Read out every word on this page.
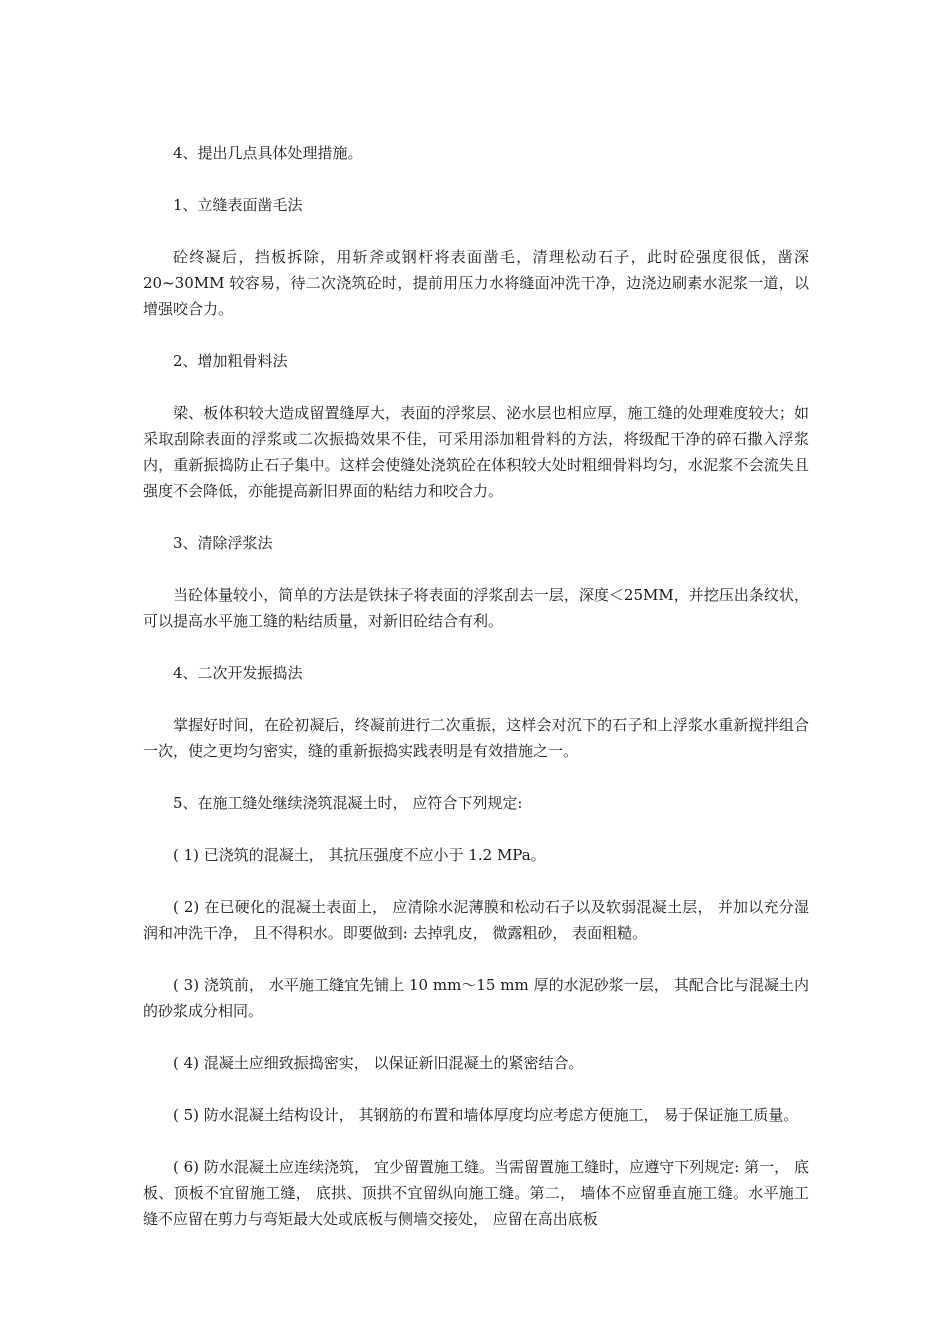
4、提出几点具体处理措施。

1、立缝表面凿毛法

砼终凝后，挡板拆除，用斩斧或钢杆将表面凿毛，清理松动石子，此时砼强度很低，凿深 20~30MM 较容易，待二次浇筑砼时，提前用压力水将缝面冲洗干净，边浇边刷素水泥浆一道，以增强咬合力。

2、增加粗骨料法

梁、板体积较大造成留置缝厚大，表面的浮浆层、泌水层也相应厚，施工缝的处理难度较大；如采取刮除表面的浮浆或二次振捣效果不佳，可采用添加粗骨料的方法，将级配干净的碎石撒入浮浆内，重新振捣防止石子集中。这样会使缝处浇筑砼在体积较大处时粗细骨料均匀，水泥浆不会流失且强度不会降低，亦能提高新旧界面的粘结力和咬合力。

3、清除浮浆法

当砼体量较小，简单的方法是铁抹子将表面的浮浆刮去一层，深度＜25MM，并挖压出条纹状，可以提高水平施工缝的粘结质量，对新旧砼结合有利。

4、二次开发振捣法

掌握好时间，在砼初凝后，终凝前进行二次重振，这样会对沉下的石子和上浮浆水重新搅拌组合一次，使之更均匀密实，缝的重新振捣实践表明是有效措施之一。

5、在施工缝处继续浇筑混凝土时， 应符合下列规定:

( 1) 已浇筑的混凝土， 其抗压强度不应小于 1.2 MPa。

( 2) 在已硬化的混凝土表面上， 应清除水泥薄膜和松动石子以及软弱混凝土层， 并加以充分湿润和冲洗干净， 且不得积水。即要做到: 去掉乳皮， 微露粗砂， 表面粗糙。

( 3) 浇筑前， 水平施工缝宜先铺上 10 mm～15 mm 厚的水泥砂浆一层， 其配合比与混凝土内的砂浆成分相同。

( 4) 混凝土应细致振捣密实， 以保证新旧混凝土的紧密结合。

( 5) 防水混凝土结构设计， 其钢筋的布置和墙体厚度均应考虑方便施工， 易于保证施工质量。

( 6) 防水混凝土应连续浇筑， 宜少留置施工缝。当需留置施工缝时，应遵守下列规定: 第一， 底板、顶板不宜留施工缝， 底拱、顶拱不宜留纵向施工缝。第二， 墙体不应留垂直施工缝。水平施工缝不应留在剪力与弯矩最大处或底板与侧墙交接处， 应留在高出底板
